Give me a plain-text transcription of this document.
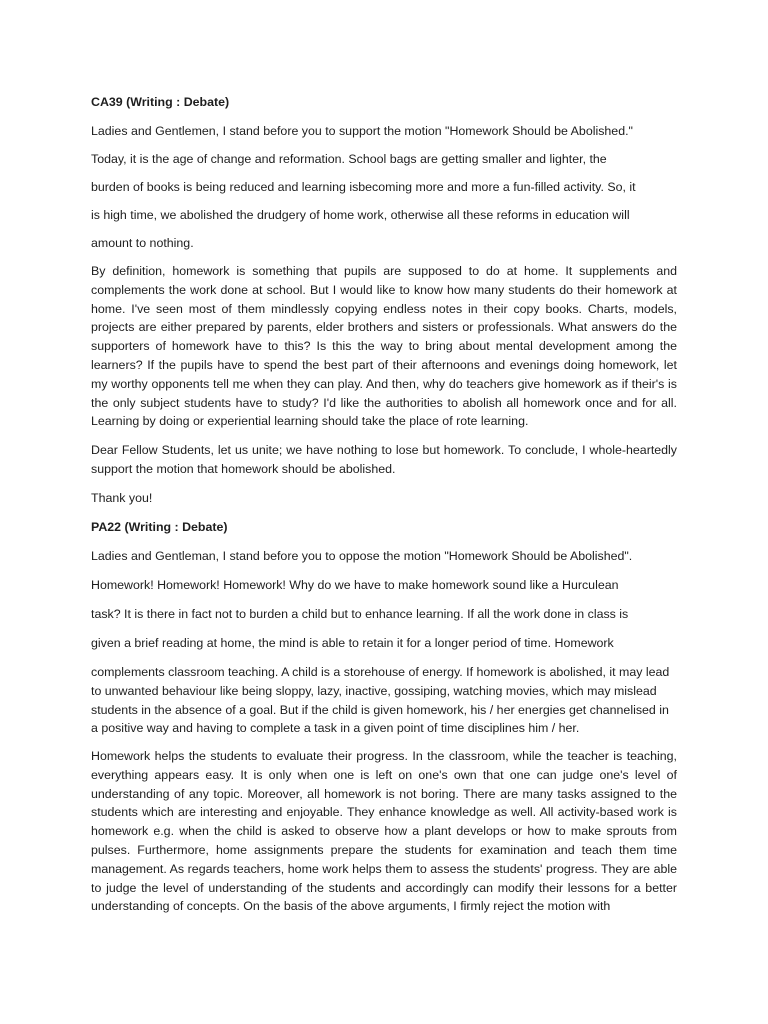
CA39 (Writing : Debate)
Ladies and Gentlemen, I stand before you to support the motion "Homework Should be Abolished."
Today, it is the age of change and reformation. School bags are getting smaller and lighter, the
burden of books is being reduced and learning isbecoming more and more a fun-filled activity. So, it
is high time, we abolished the drudgery of home work, otherwise all these reforms in education will
amount to nothing.
By definition, homework is something that pupils are supposed to do at home. It supplements and complements the work done at school. But I would like to know how many students do their homework at home. I've seen most of them mindlessly copying endless notes in their copy books. Charts, models, projects are either prepared by parents, elder brothers and sisters or professionals. What answers do the supporters of homework have to this? Is this the way to bring about mental development among the learners? If the pupils have to spend the best part of their afternoons and evenings doing homework, let my worthy opponents tell me when they can play. And then, why do teachers give homework as if their's is the only subject students have to study? I'd like the authorities to abolish all homework once and for all. Learning by doing or experiential learning should take the place of rote learning.
Dear Fellow Students, let us unite; we have nothing to lose but homework. To conclude, I whole-heartedly support the motion that homework should be abolished.
Thank you!
PA22 (Writing : Debate)
Ladies and Gentleman, I stand before you to oppose the motion "Homework Should be Abolished".
Homework! Homework! Homework! Why do we have to make homework sound like a Hurculean
task? It is there in fact not to burden a child but to enhance learning. If all the work done in class is
given a brief reading at home, the mind is able to retain it for a longer period of time. Homework
complements classroom teaching. A child is a storehouse of energy. If homework is abolished, it may lead to unwanted behaviour like being sloppy, lazy, inactive, gossiping, watching movies, which may mislead students in the absence of a goal. But if the child is given homework, his / her energies get channelised in a positive way and having to complete a task in a given point of time disciplines him / her.
Homework helps the students to evaluate their progress. In the classroom, while the teacher is teaching, everything appears easy. It is only when one is left on one's own that one can judge one's level of understanding of any topic. Moreover, all homework is not boring. There are many tasks assigned to the students which are interesting and enjoyable. They enhance knowledge as well. All activity-based work is homework e.g. when the child is asked to observe how a plant develops or how to make sprouts from pulses. Furthermore, home assignments prepare the students for examination and teach them time management. As regards teachers, home work helps them to assess the students' progress. They are able to judge the level of understanding of the students and accordingly can modify their lessons for a better understanding of concepts. On the basis of the above arguments, I firmly reject the motion with
